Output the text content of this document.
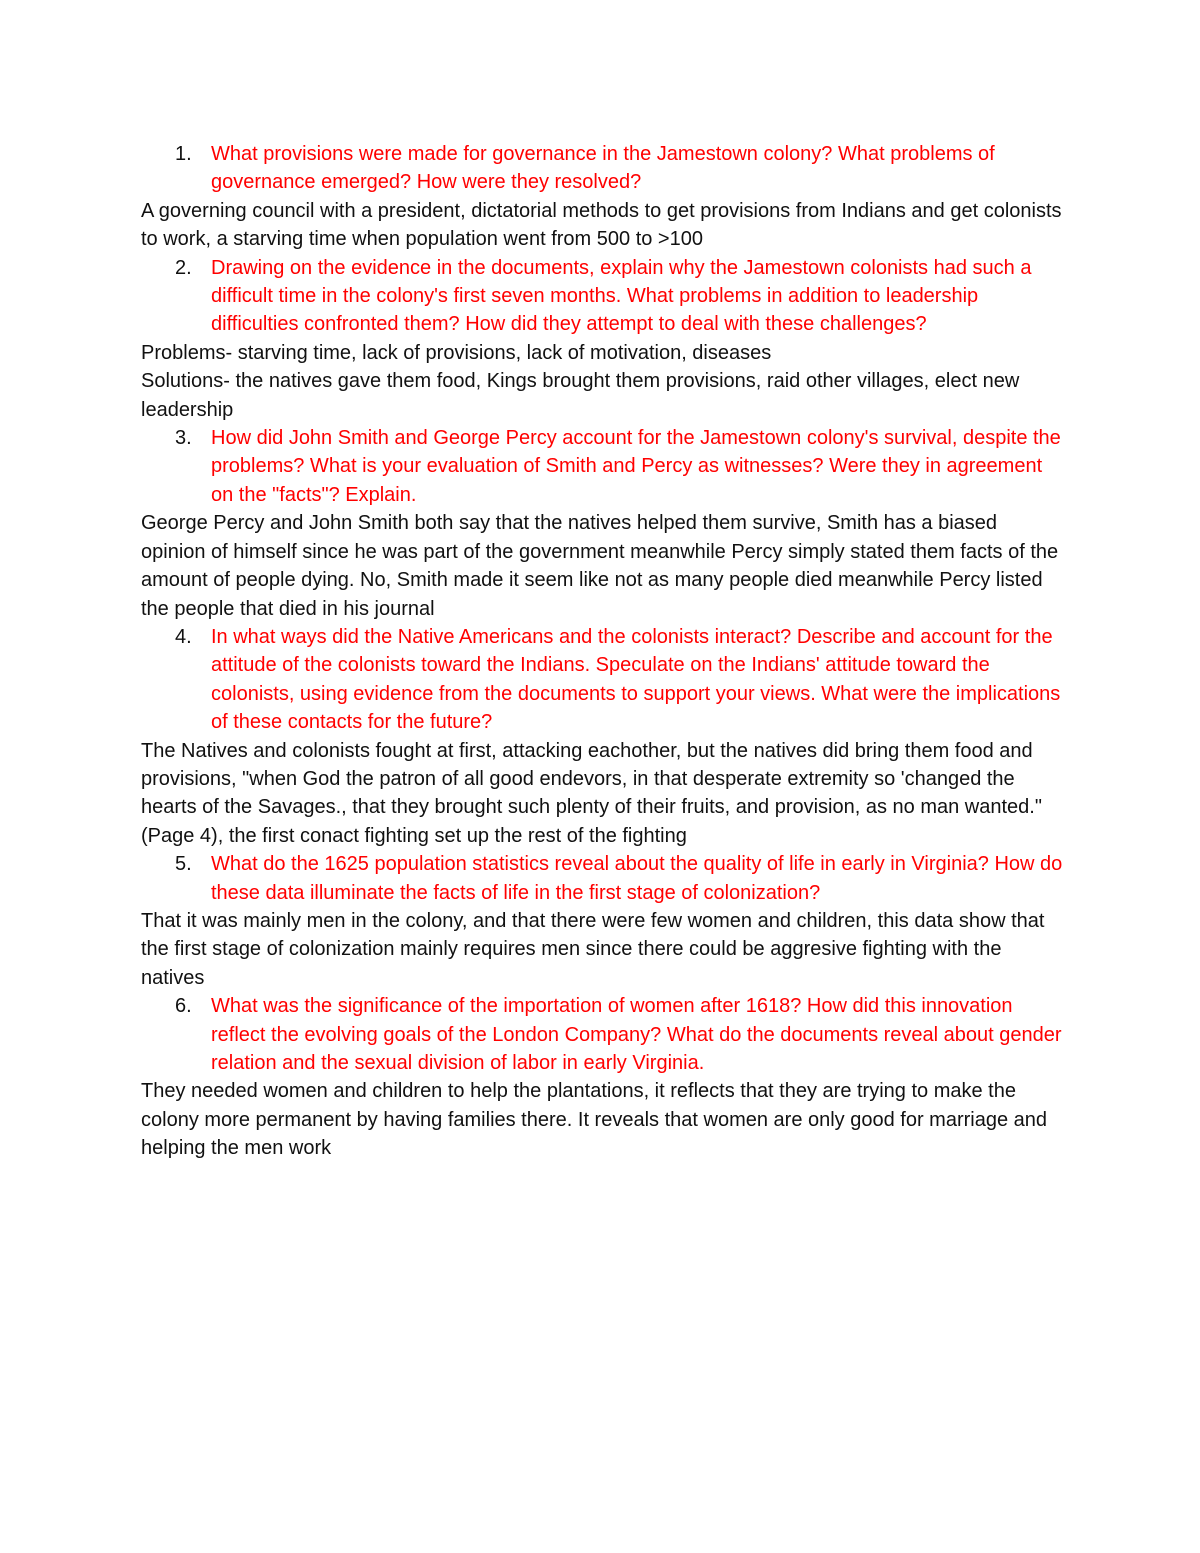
1. What provisions were made for governance in the Jamestown colony? What problems of governance emerged? How were they resolved?

A governing council with a president, dictatorial methods to get provisions from Indians and get colonists to work, a starving time when population went from 500 to >100

2. Drawing on the evidence in the documents, explain why the Jamestown colonists had such a difficult time in the colony's first seven months. What problems in addition to leadership difficulties confronted them? How did they attempt to deal with these challenges?

Problems- starving time, lack of provisions, lack of motivation, diseases

Solutions- the natives gave them food, Kings brought them provisions, raid other villages, elect new leadership

3. How did John Smith and George Percy account for the Jamestown colony's survival, despite the problems? What is your evaluation of Smith and Percy as witnesses? Were they in agreement on the "facts"? Explain.

George Percy and John Smith both say that the natives helped them survive, Smith has a biased opinion of himself since he was part of the government meanwhile Percy simply stated them facts of the amount of people dying. No, Smith made it seem like not as many people died meanwhile Percy listed the people that died in his journal

4. In what ways did the Native Americans and the colonists interact? Describe and account for the attitude of the colonists toward the Indians. Speculate on the Indians' attitude toward the colonists, using evidence from the documents to support your views. What were the implications of these contacts for the future?

The Natives and colonists fought at first, attacking eachother, but the natives did bring them food and provisions, "when God the patron of all good endevors, in that desperate extremity so 'changed the hearts of the Savages., that they brought such plenty of their fruits, and provision, as no man wanted." (Page 4), the first conact fighting set up the rest of the fighting

5. What do the 1625 population statistics reveal about the quality of life in early in Virginia? How do these data illuminate the facts of life in the first stage of colonization?

That it was mainly men in the colony, and that there were few women and children, this data show that the first stage of colonization mainly requires men since there could be aggresive fighting with the natives

6. What was the significance of the importation of women after 1618? How did this innovation reflect the evolving goals of the London Company? What do the documents reveal about gender relation and the sexual division of labor in early Virginia.

They needed women and children to help the plantations, it reflects that they are trying to make the colony more permanent by having families there. It reveals that women are only good for marriage and helping the men work
